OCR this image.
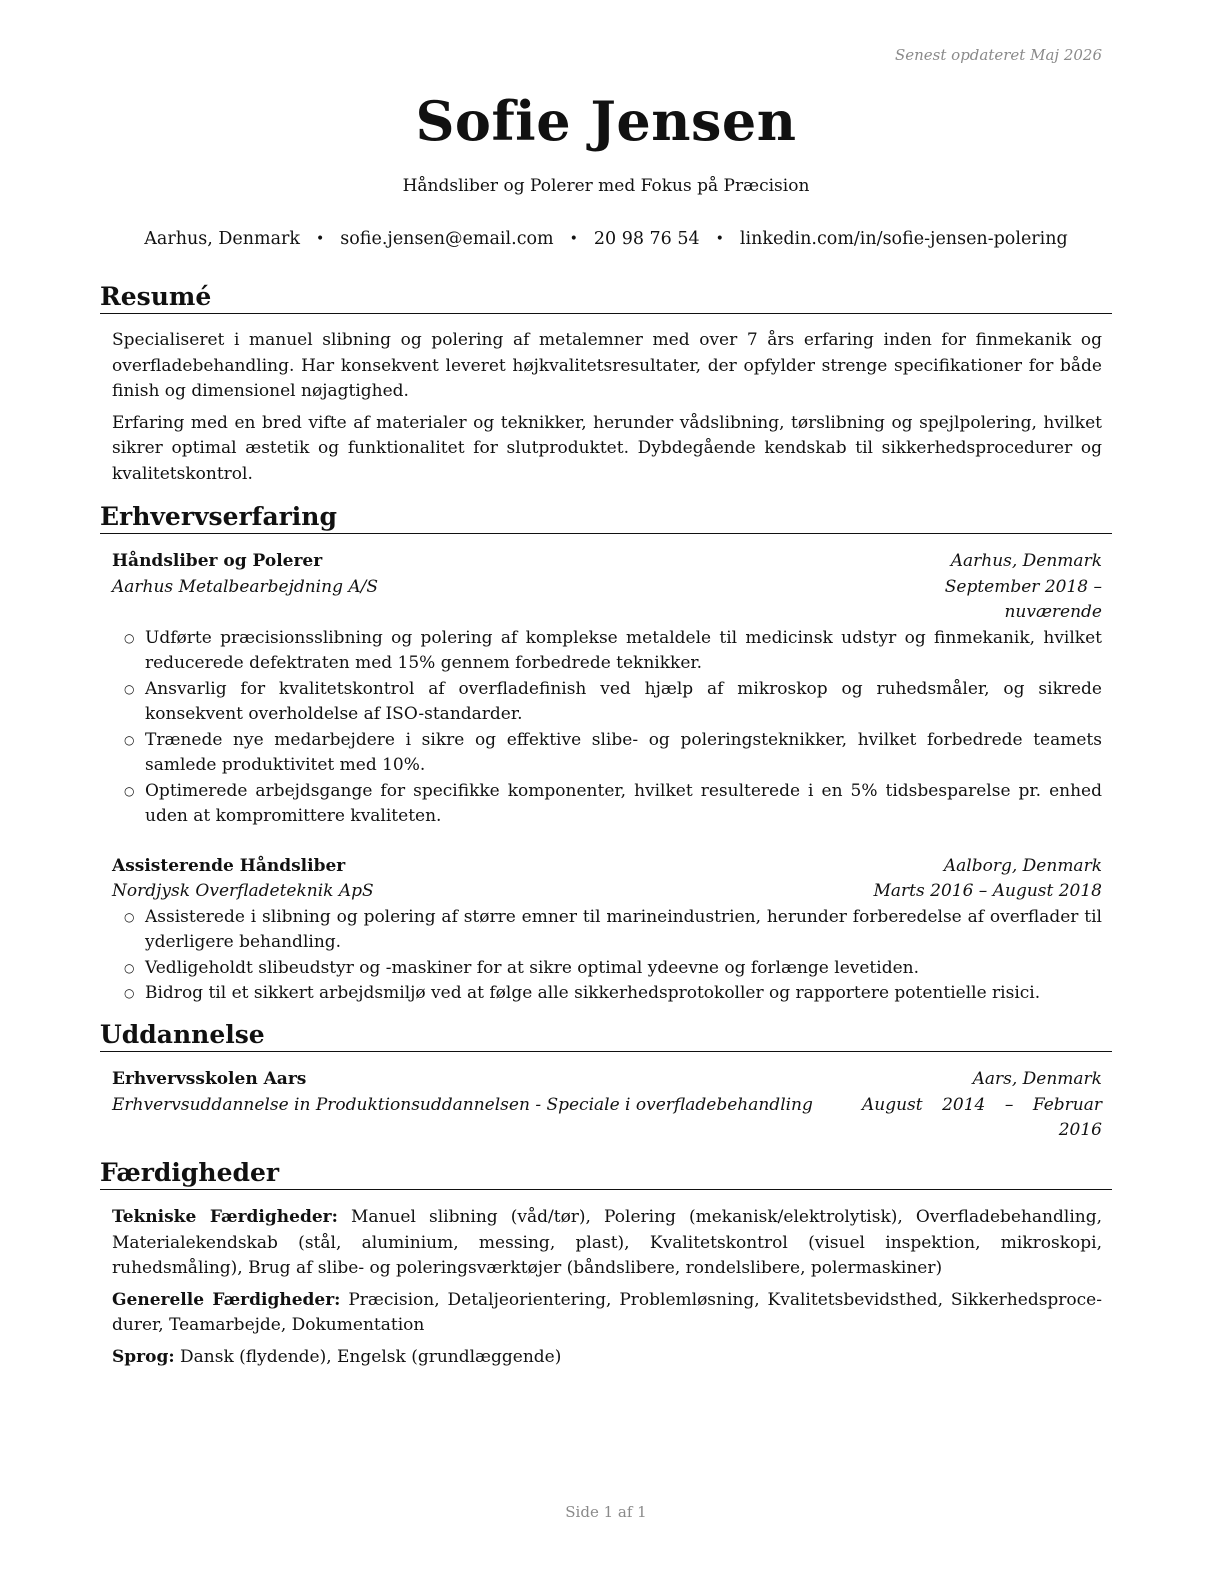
Senest opdateret Maj 2026
Sofie Jensen
Håndsliber og Polerer med Fokus på Præcision
Aarhus, Denmark • sofie.jensen@email.com • 20 98 76 54 • linkedin.com/in/sofie-jensen-polering
Resumé

Specialiseret i manuel slibning og polering af metalemner med over 7 års erfaring inden for finmekanik og overfladebehandling. Har konsekvent leveret højkvalitetsresultater, der opfylder strenge specifikationer for både finish og dimensionel nøjagtighed.

Erfaring med en bred vifte af materialer og teknikker, herunder vådslibning, tørslibning og spejlpolering, hvilket sikrer optimal æstetik og funktionalitet for slutproduktet. Dybdegående kendskab til sikkerhedsprocedurer og kvalitetskontrol.

Erhvervserfaring
Håndsliber og Polerer	Aarhus, Denmark
Aarhus Metalbearbejdning A/S	September 2018 – nuværende
○ Udførte præcisionsslibning og polering af komplekse metaldele til medicinsk udstyr og finmekanik, hvilket reducerede defektraten med 15% gennem forbedrede teknikker.
○ Ansvarlig for kvalitetskontrol af overfladefinish ved hjælp af mikroskop og ruhedsmåler, og sikrede konsekvent overholdelse af ISO-standarder.
○ Trænede nye medarbejdere i sikre og effektive slibe- og poleringsteknikker, hvilket forbedrede teamets samlede produktivitet med 10%.
○ Optimerede arbejdsgange for specifikke komponenter, hvilket resulterede i en 5% tidsbesparelse pr. enhed uden at kompromittere kvaliteten.
Assisterende Håndsliber	Aalborg, Denmark
Nordjysk Overfladeteknik ApS	Marts 2016 – August 2018
○ Assisterede i slibning og polering af større emner til marineindustrien, herunder forberedelse af overflader til yderligere behandling.
○ Vedligeholdt slibeudstyr og -maskiner for at sikre optimal ydeevne og forlænge levetiden.
○ Bidrog til et sikkert arbejdsmiljø ved at følge alle sikkerhedsprotokoller og rapportere potentielle risici.
Uddannelse
Erhvervsskolen Aars	Aars, Denmark
Erhvervsuddannelse in Produktionsuddannelsen - Speciale i overfladebehandling	August 2014 – Februar 2016
Færdigheder

Tekniske Færdigheder: Manuel slibning (våd/tør), Polering (mekanisk/elektrolytisk), Overfladebehandling, Materialekendskab (stål, aluminium, messing, plast), Kvalitetskontrol (visuel inspektion, mikroskopi, ruhedsmåling), Brug af slibe- og poleringsværktøjer (båndslibere, rondelslibere, polermaskiner)

Generelle Færdigheder: Præcision, Detaljeorientering, Problemløsning, Kvalitetsbevidsthed, Sikkerhedsprocedurer, Teamarbejde, Dokumentation

Sprog: Dansk (flydende), Engelsk (grundlæggende)

Side 1 af 1
